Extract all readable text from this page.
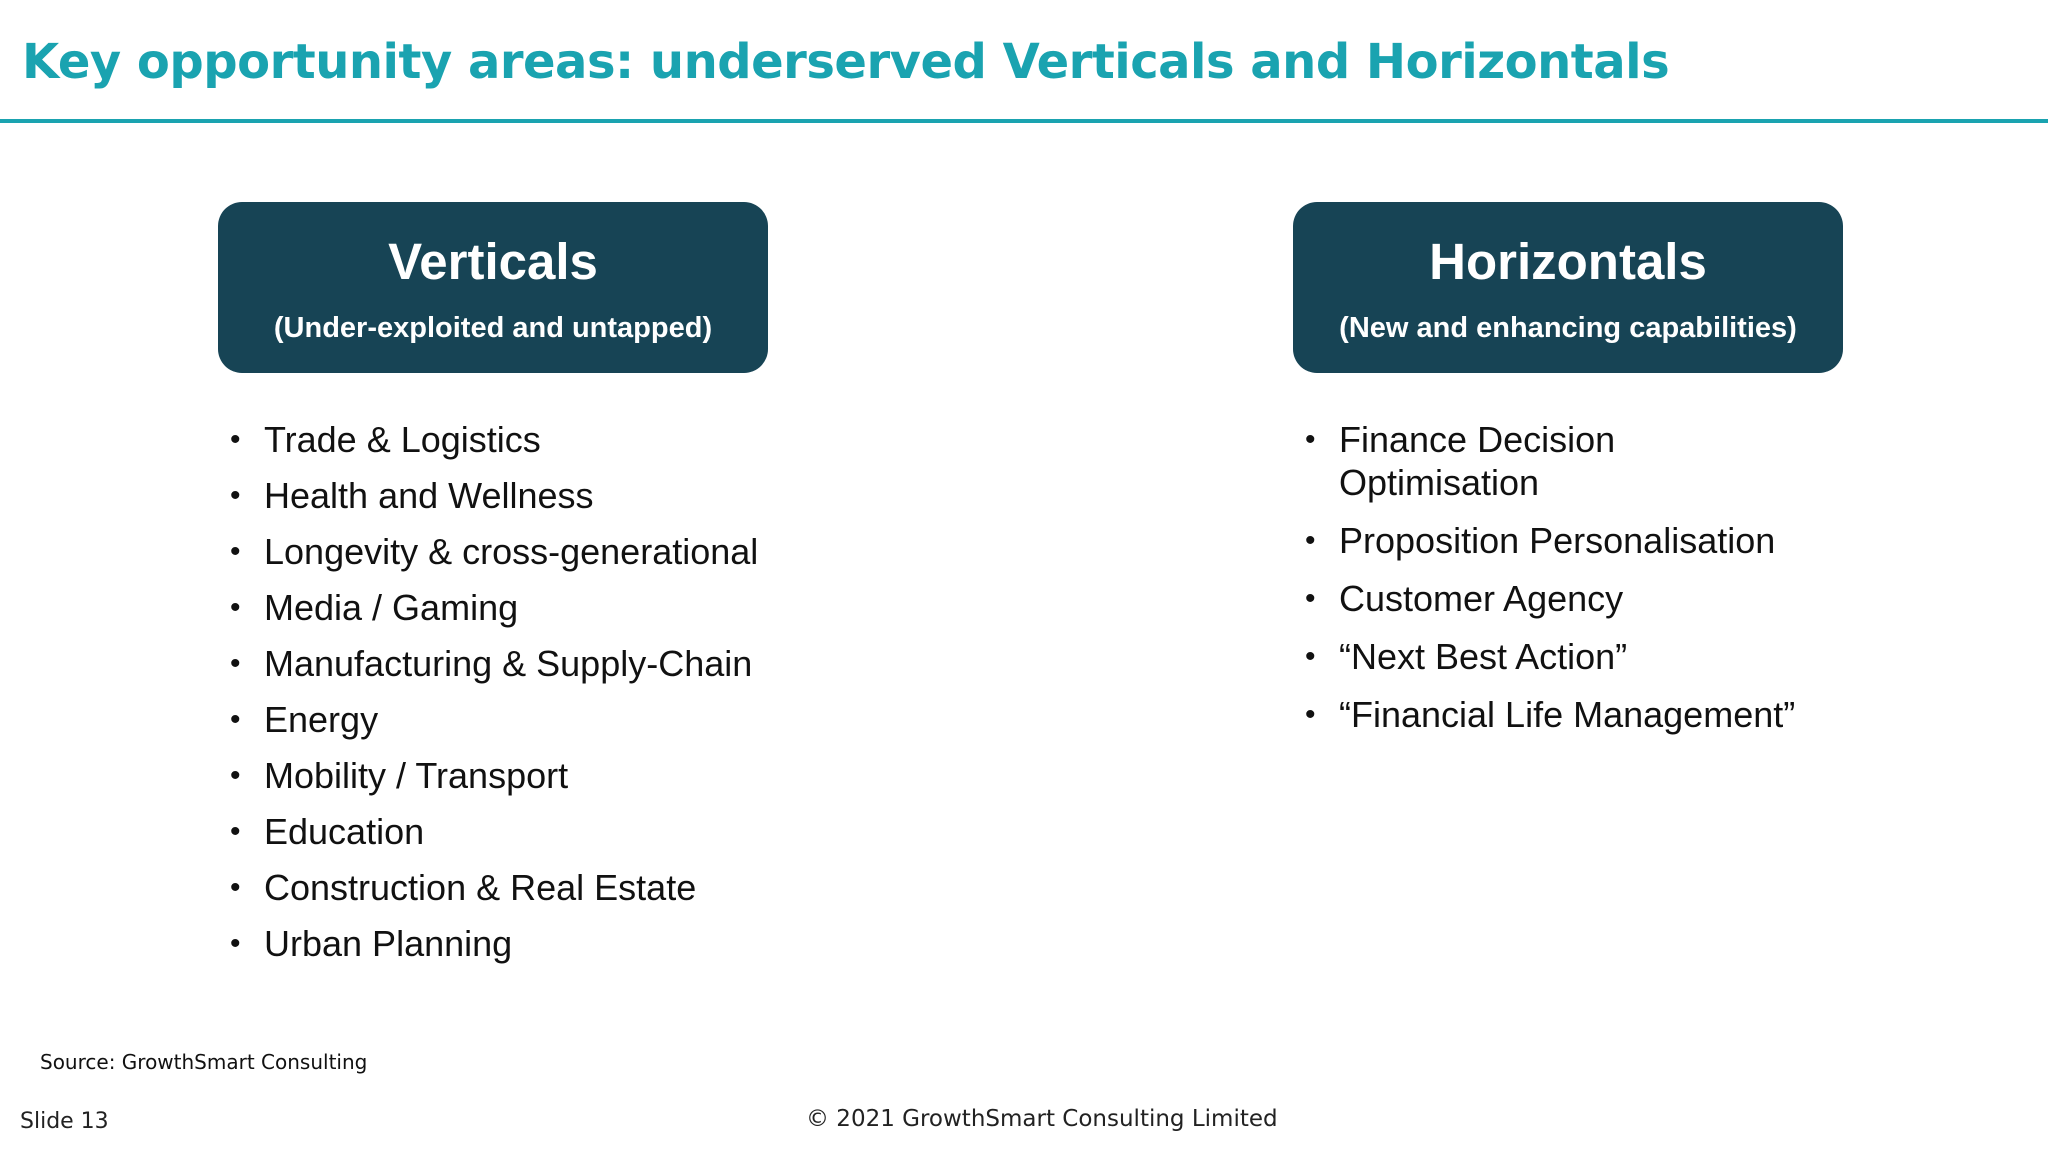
Key opportunity areas: underserved Verticals and Horizontals
Verticals
(Under-exploited and untapped)
Horizontals
(New and enhancing capabilities)
• Trade & Logistics
• Health and Wellness
• Longevity & cross-generational
• Media / Gaming
• Manufacturing & Supply-Chain
• Energy
• Mobility / Transport
• Education
• Construction & Real Estate
• Urban Planning
• Finance Decision Optimisation
• Proposition Personalisation
• Customer Agency
• “Next Best Action”
• “Financial Life Management”
Source: GrowthSmart Consulting
Slide 13	© 2021 GrowthSmart Consulting Limited
